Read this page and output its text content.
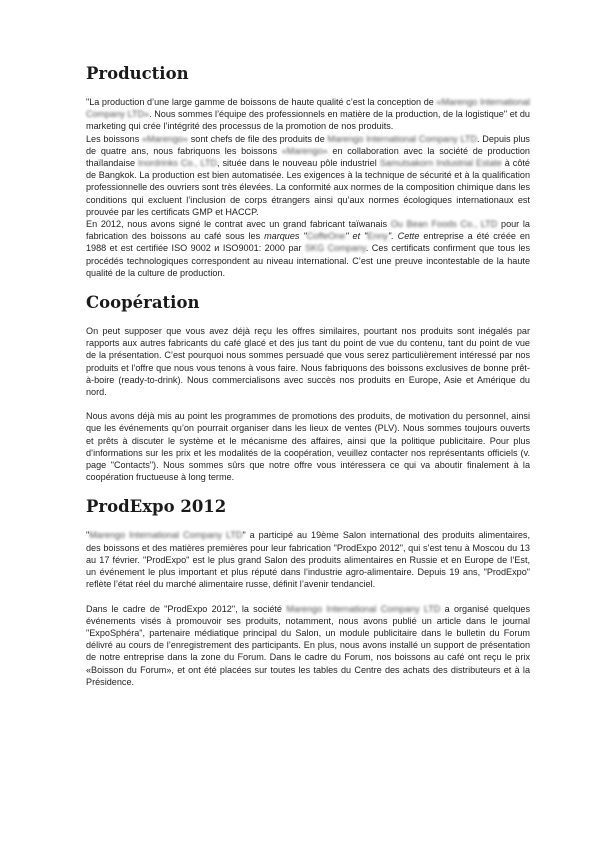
Production

"La production d’une large gamme de boissons de haute qualité c’est la conception de «Marengo International Company LTD». Nous sommes l’équipe des professionnels en matière de la production, de la logistique" et du marketing qui crée l’intégrité des processus de la promotion de nos produits.

Les boissons «Marengo» sont chefs de file des produits de Marengo International Company LTD. Depuis plus de quatre ans, nous fabriquons les boissons «Marengo» en collaboration avec la société de production thaïlandaise Inordrinks Co., LTD, située dans le nouveau pôle industriel Samutsakorn Industrial Estate à côté de Bangkok. La production est bien automatisée. Les exigences à la technique de sécurité et à la qualification professionnelle des ouvriers sont très élevées. La conformité aux normes de la composition chimique dans les conditions qui excluent l’inclusion de corps étrangers ainsi qu’aux normes écologiques internationaux est prouvée par les certificats GMP et HACCP.

En 2012, nous avons signé le contrat avec un grand fabricant taïwanais Ou Bean Foods Co., LTD pour la fabrication des boissons au café sous les marques "CoffeOne" et "Enny". Cette entreprise a été créée en 1988 et est certifiée ISO 9002 и ISO9001: 2000 par SKG Company. Ces certificats confirment que tous les procédés technologiques correspondent au niveau international. C’est une preuve incontestable de la haute qualité de la culture de production.

Coopération

On peut supposer que vous avez déjà reçu les offres similaires, pourtant nos produits sont inégalés par rapports aux autres fabricants du café glacé et des jus tant du point de vue du contenu, tant du point de vue de la présentation. C’est pourquoi nous sommes persuadé que vous serez particulièrement intéressé par nos produits et l’offre que nous vous tenons à vous faire. Nous fabriquons des boissons exclusives de bonne prêt-à-boire (ready-to-drink). Nous commercialisons avec succès nos produits en Europe, Asie et Amérique du nord.

Nous avons déjà mis au point les programmes de promotions des produits, de motivation du personnel, ainsi que les événements qu’on pourrait organiser dans les lieux de ventes (PLV). Nous sommes toujours ouverts et prêts à discuter le système et le mécanisme des affaires, ainsi que la politique publicitaire. Pour plus d’informations sur les prix et les modalités de la coopération, veuillez contacter nos représentants officiels (v. page "Contacts"). Nous sommes sûrs que notre offre vous intéressera ce qui va aboutir finalement à la coopération fructueuse à long terme.

ProdExpo 2012

"Marengo International Company LTD" a participé au 19ème Salon international des produits alimentaires, des boissons et des matières premières pour leur fabrication "ProdExpo 2012", qui s’est tenu à Moscou du 13 au 17 février. "ProdExpo" est le plus grand Salon des produits alimentaires en Russie et en Europe de l’Est, un événement le plus important et plus réputé dans l’industrie agro-alimentaire. Depuis 19 ans, "ProdExpo" reflète l’état réel du marché alimentaire russe, définit l’avenir tendanciel.

Dans le cadre de "ProdExpo 2012", la société Marengo International Company LTD a organisé quelques événements visés à promouvoir ses produits, notamment, nous avons publié un article dans le journal "ExpoSphéra", partenaire médiatique principal du Salon, un module publicitaire dans le bulletin du Forum délivré au cours de l’enregistrement des participants. En plus, nous avons installé un support de présentation de notre entreprise dans la zone du Forum. Dans le cadre du Forum, nos boissons au café ont reçu le prix «Boisson du Forum», et ont été placées sur toutes les tables du Centre des achats des distributeurs et à la Présidence.
